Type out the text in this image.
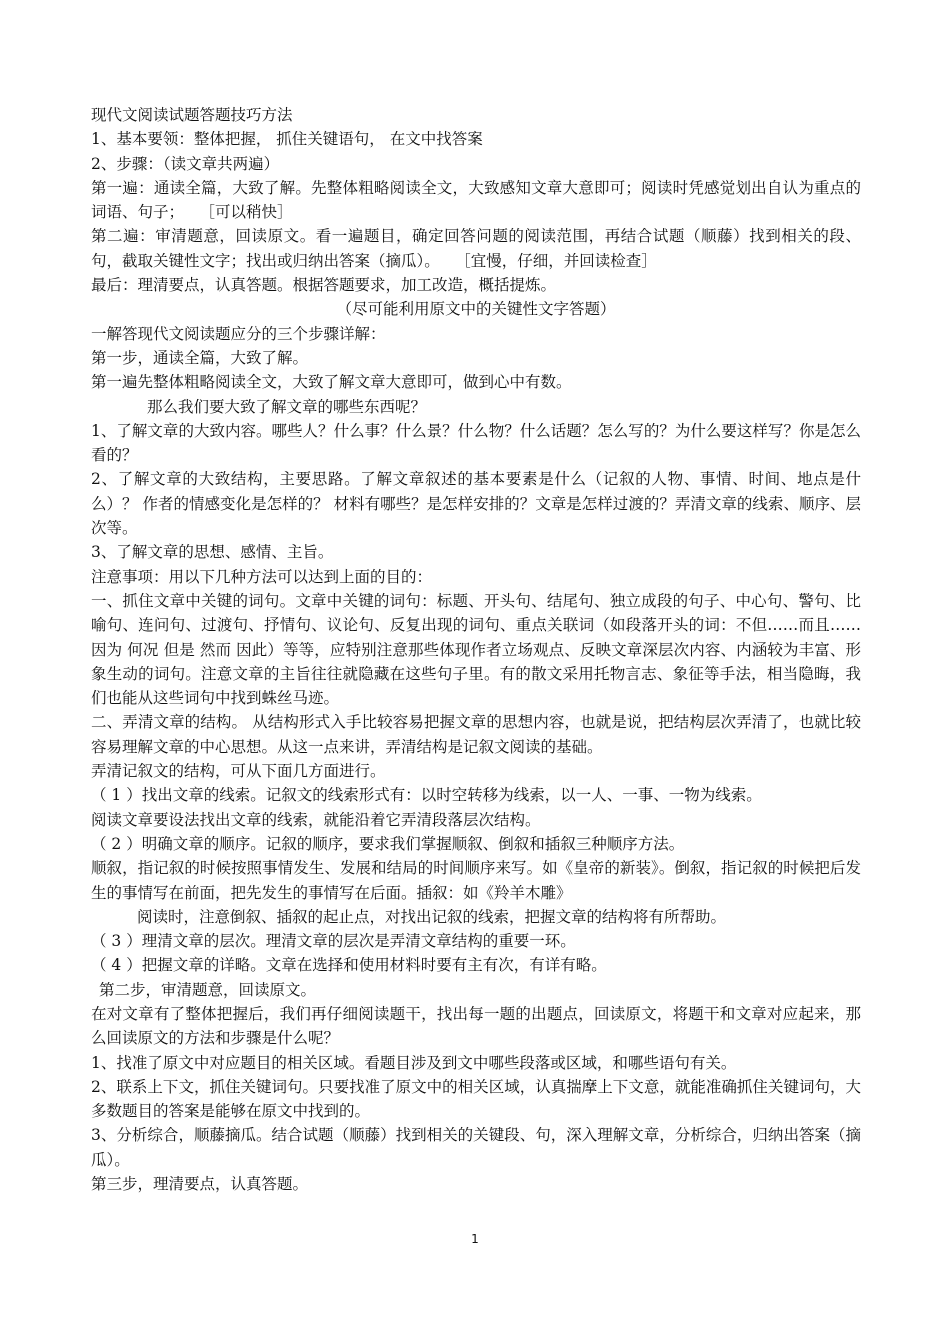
现代文阅读试题答题技巧方法

1、基本要领：整体把握， 抓住关键语句， 在文中找答案

2、步骤：（读文章共两遍）

第一遍：通读全篇，大致了解。先整体粗略阅读全文，大致感知文章大意即可；阅读时凭感觉划出自认为重点的词语、句子；　　［可以稍快］

第二遍：审清题意，回读原文。看一遍题目，确定回答问题的阅读范围，再结合试题（顺藤）找到相关的段、句，截取关键性文字；找出或归纳出答案（摘瓜）。　　［宜慢，仔细，并回读检查］

最后：理清要点，认真答题。根据答题要求，加工改造，概括提炼。

（尽可能利用原文中的关键性文字答题）

一解答现代文阅读题应分的三个步骤详解：

第一步，通读全篇，大致了解。

第一遍先整体粗略阅读全文，大致了解文章大意即可，做到心中有数。

那么我们要大致了解文章的哪些东西呢？

1、了解文章的大致内容。哪些人？什么事？什么景？什么物？什么话题？怎么写的？为什么要这样写？你是怎么看的？

2、了解文章的大致结构，主要思路。了解文章叙述的基本要素是什么（记叙的人物、事情、时间、地点是什么）？ 作者的情感变化是怎样的？ 材料有哪些？是怎样安排的？文章是怎样过渡的？弄清文章的线索、顺序、层次等。

3、了解文章的思想、感情、主旨。

注意事项：用以下几种方法可以达到上面的目的：

一、抓住文章中关键的词句。文章中关键的词句：标题、开头句、结尾句、独立成段的句子、中心句、警句、比喻句、连问句、过渡句、抒情句、议论句、反复出现的词句、重点关联词（如段落开头的词：不但……而且……因为 何况 但是 然而 因此）等等，应特别注意那些体现作者立场观点、反映文章深层次内容、内涵较为丰富、形象生动的词句。注意文章的主旨往往就隐藏在这些句子里。有的散文采用托物言志、象征等手法，相当隐晦，我们也能从这些词句中找到蛛丝马迹。

二、弄清文章的结构。 从结构形式入手比较容易把握文章的思想内容，也就是说，把结构层次弄清了，也就比较容易理解文章的中心思想。从这一点来讲，弄清结构是记叙文阅读的基础。

弄清记叙文的结构，可从下面几方面进行。

（ 1 ）找出文章的线索。记叙文的线索形式有：以时空转移为线索，以一人、一事、一物为线索。

阅读文章要设法找出文章的线索，就能沿着它弄清段落层次结构。

（ 2 ）明确文章的顺序。记叙的顺序，要求我们掌握顺叙、倒叙和插叙三种顺序方法。

顺叙，指记叙的时候按照事情发生、发展和结局的时间顺序来写。如《皇帝的新装》。倒叙，指记叙的时候把后发生的事情写在前面，把先发生的事情写在后面。插叙：如《羚羊木雕》

阅读时，注意倒叙、插叙的起止点，对找出记叙的线索，把握文章的结构将有所帮助。

（ 3 ）理清文章的层次。理清文章的层次是弄清文章结构的重要一环。

（ 4 ）把握文章的详略。文章在选择和使用材料时要有主有次，有详有略。

第二步，审清题意，回读原文。

在对文章有了整体把握后，我们再仔细阅读题干，找出每一题的出题点，回读原文，将题干和文章对应起来，那么回读原文的方法和步骤是什么呢？

1、找准了原文中对应题目的相关区域。看题目涉及到文中哪些段落或区域，和哪些语句有关。

2、联系上下文，抓住关键词句。只要找准了原文中的相关区域，认真揣摩上下文意，就能准确抓住关键词句，大多数题目的答案是能够在原文中找到的。

3、分析综合，顺藤摘瓜。结合试题（顺藤）找到相关的关键段、句，深入理解文章，分析综合，归纳出答案（摘瓜）。

第三步，理清要点，认真答题。

1
